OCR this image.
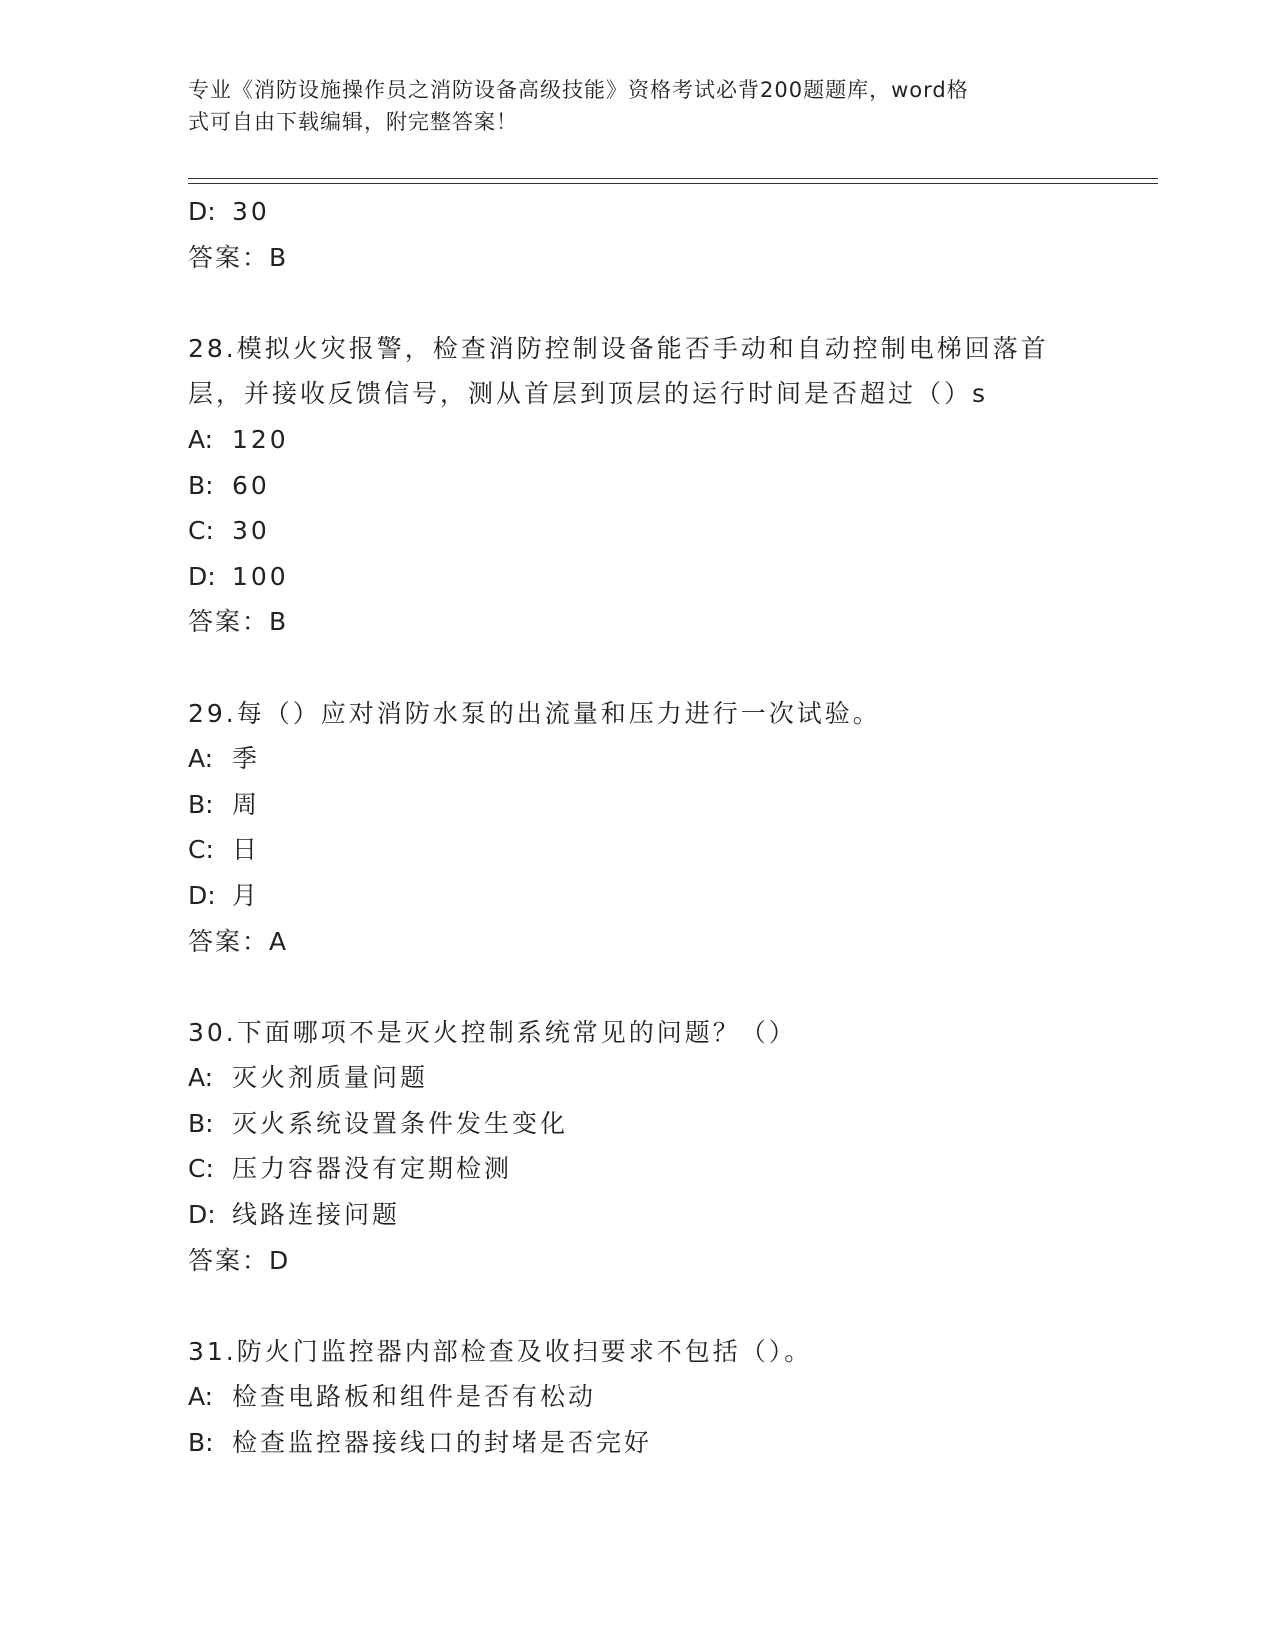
专业《消防设施操作员之消防设备高级技能》资格考试必背200题题库，word格
式可自由下载编辑，附完整答案！
D: 30
答案：B
28.模拟火灾报警，检查消防控制设备能否手动和自动控制电梯回落首
层，并接收反馈信号，测从首层到顶层的运行时间是否超过（）s
A: 120
B: 60
C: 30
D: 100
答案：B
29.每（）应对消防水泵的出流量和压力进行一次试验。
A: 季
B: 周
C: 日
D: 月
答案：A
30.下面哪项不是灭火控制系统常见的问题？（）
A: 灭火剂质量问题
B: 灭火系统设置条件发生变化
C: 压力容器没有定期检测
D: 线路连接问题
答案：D
31.防火门监控器内部检查及收扫要求不包括（）。
A: 检查电路板和组件是否有松动
B: 检查监控器接线口的封堵是否完好
